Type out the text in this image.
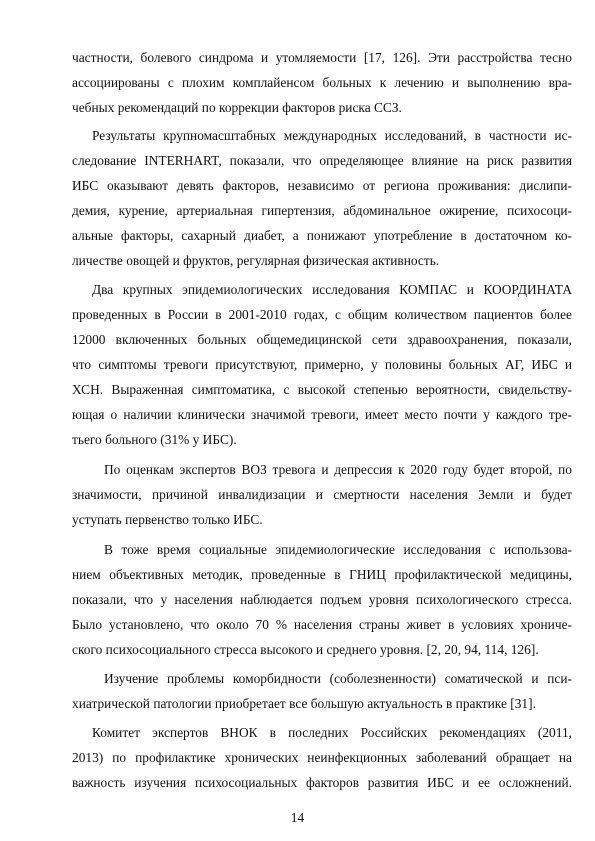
частности, болевого синдрома и утомляемости [17, 126]. Эти расстройства тесно

ассоциированы с плохим комплайенсом больных к лечению и выполнению вра-

чебных рекомендаций по коррекции факторов риска ССЗ.

Результаты крупномасштабных международных исследований, в частности ис-

следование INTERHART, показали, что определяющее влияние на риск развития

ИБС оказывают девять факторов, независимо от региона проживания: дислипи-

демия, курение, артериальная гипертензия, абдоминальное ожирение, психосоци-

альные факторы, сахарный диабет, а понижают употребление в достаточном ко-

личестве овощей и фруктов, регулярная физическая активность.

Два крупных эпидемиологических исследования КОМПАС и КООРДИНАТА

проведенных в России в 2001-2010 годах, с общим количеством пациентов более

12000 включенных больных общемедицинской сети здравоохранения, показали,

что симптомы тревоги присутствуют, примерно, у половины больных АГ, ИБС и

ХСН. Выраженная симптоматика, с высокой степенью вероятности, свидельству-

ющая о наличии клинически значимой тревоги, имеет место почти у каждого тре-

тьего больного (31% у ИБС).

По оценкам экспертов ВОЗ тревога и депрессия к 2020 году будет второй, по

значимости, причиной инвалидизации и смертности населения Земли и будет

уступать первенство только ИБС.

В тоже время социальные эпидемиологические исследования с использова-

нием объективных методик, проведенные в ГНИЦ профилактической медицины,

показали, что у населения наблюдается подъем уровня психологического стресса.

Было установлено, что около 70 % населения страны живет в условиях хрониче-

ского психосоциального стресса высокого и среднего уровня. [2, 20, 94, 114, 126].

Изучение проблемы коморбидности (соболезненности) соматической и пси-

хиатрической патологии приобретает все большую актуальность в практике [31].

Комитет экспертов ВНОК в последних Российских рекомендациях (2011,

2013) по профилактике хронических неинфекционных заболеваний обращает на

важность изучения психосоциальных факторов развития ИБС и ее осложнений.

14
